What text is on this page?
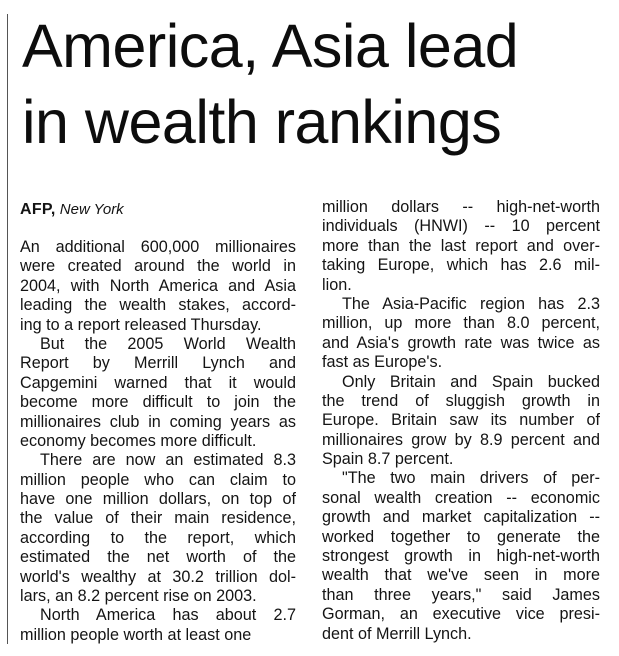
America, Asia lead
in wealth rankings
AFP, New York
An additional 600,000 millionaires
were created around the world in
2004, with North America and Asia
leading the wealth stakes, accord-
ing to a report released Thursday.
But the 2005 World Wealth
Report by Merrill Lynch and
Capgemini warned that it would
become more difficult to join the
millionaires club in coming years as
economy becomes more difficult.
There are now an estimated 8.3
million people who can claim to
have one million dollars, on top of
the value of their main residence,
according to the report, which
estimated the net worth of the
world's wealthy at 30.2 trillion dol-
lars, an 8.2 percent rise on 2003.
North America has about 2.7
million people worth at least one
million dollars -- high-net-worth
individuals (HNWI) -- 10 percent
more than the last report and over-
taking Europe, which has 2.6 mil-
lion.
The Asia-Pacific region has 2.3
million, up more than 8.0 percent,
and Asia's growth rate was twice as
fast as Europe's.
Only Britain and Spain bucked
the trend of sluggish growth in
Europe. Britain saw its number of
millionaires grow by 8.9 percent and
Spain 8.7 percent.
"The two main drivers of per-
sonal wealth creation -- economic
growth and market capitalization --
worked together to generate the
strongest growth in high-net-worth
wealth that we've seen in more
than three years," said James
Gorman, an executive vice presi-
dent of Merrill Lynch.
